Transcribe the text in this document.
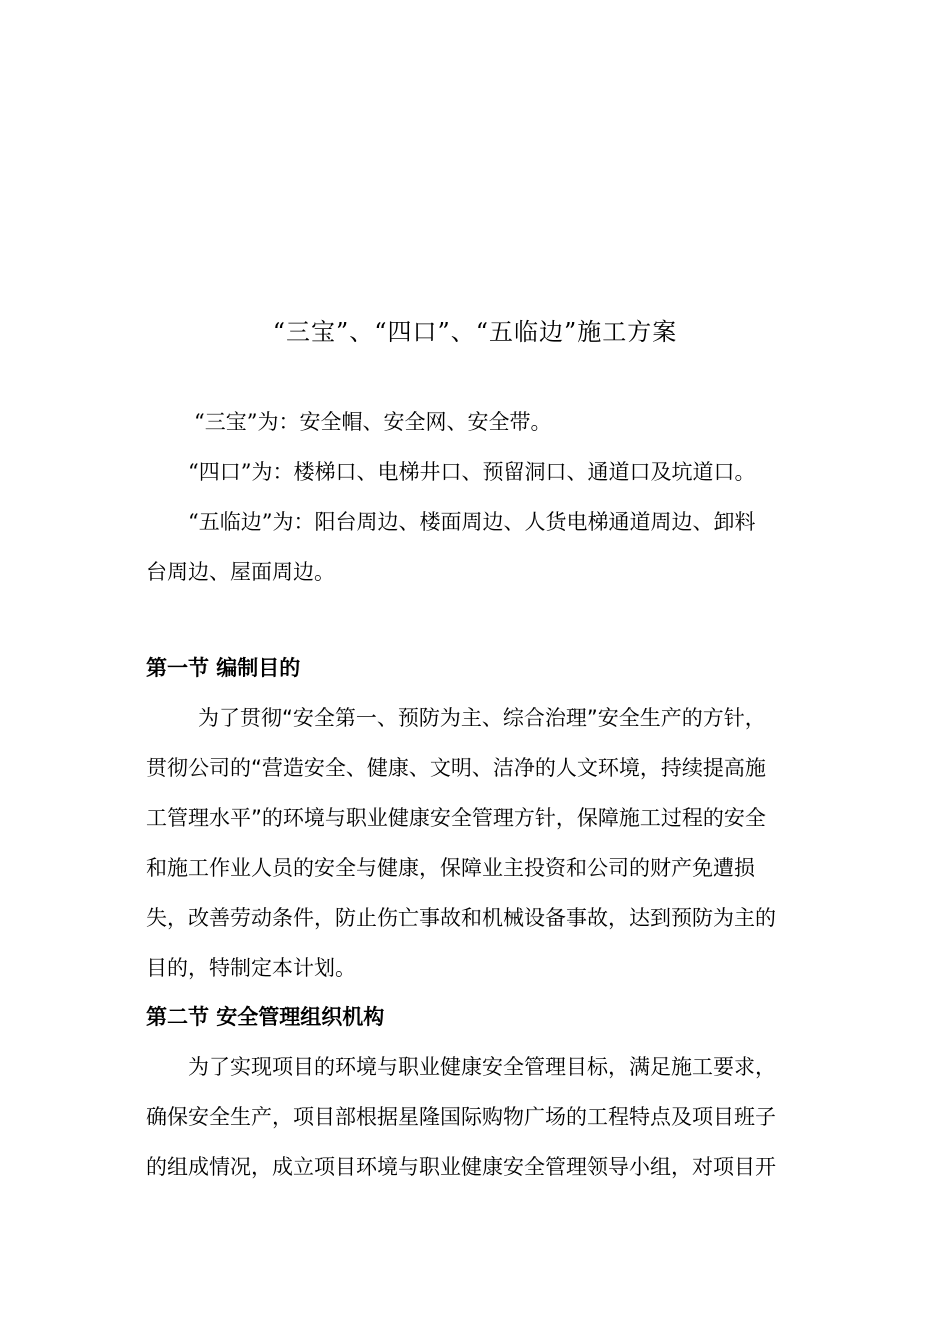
“三宝”、“四口”、“五临边”施工方案
“三宝”为：安全帽、安全网、安全带。
“四口”为：楼梯口、电梯井口、预留洞口、通道口及坑道口。
“五临边”为：阳台周边、楼面周边、人货电梯通道周边、卸料
台周边、屋面周边。
第一节 编制目的
为了贯彻“安全第一、预防为主、综合治理”安全生产的方针，
贯彻公司的“营造安全、健康、文明、洁净的人文环境，持续提高施
工管理水平”的环境与职业健康安全管理方针，保障施工过程的安全
和施工作业人员的安全与健康，保障业主投资和公司的财产免遭损
失，改善劳动条件，防止伤亡事故和机械设备事故，达到预防为主的
目的，特制定本计划。
第二节 安全管理组织机构
为了实现项目的环境与职业健康安全管理目标，满足施工要求，
确保安全生产，项目部根据星隆国际购物广场的工程特点及项目班子
的组成情况，成立项目环境与职业健康安全管理领导小组，对项目开
